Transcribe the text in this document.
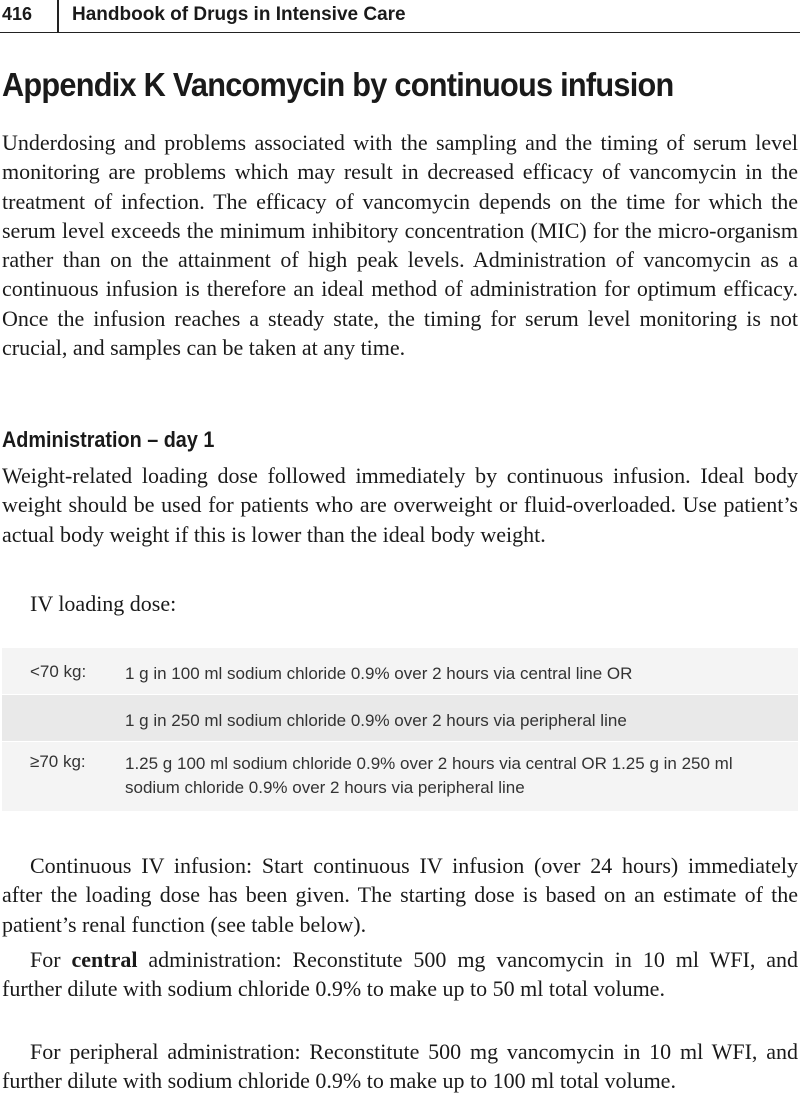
416 Handbook of Drugs in Intensive Care
Appendix K Vancomycin by continuous infusion

Underdosing and problems associated with the sampling and the timing of serum level monitoring are problems which may result in decreased efficacy of vancomycin in the treatment of infection. The efficacy of vancomycin depends on the time for which the serum level exceeds the minimum inhibitory concentration (MIC) for the micro-organism rather than on the attainment of high peak levels. Administration of vancomycin as a continuous infusion is therefore an ideal method of administration for optimum efficacy. Once the infusion reaches a steady state, the timing for serum level monitoring is not crucial, and samples can be taken at any time.

Administration – day 1

Weight-related loading dose followed immediately by continuous infusion. Ideal body weight should be used for patients who are overweight or fluid-overloaded. Use patient’s actual body weight if this is lower than the ideal body weight.

IV loading dose:
<70 kg: 1 g in 100 ml sodium chloride 0.9% over 2 hours via central line OR
1 g in 250 ml sodium chloride 0.9% over 2 hours via peripheral line
≥70 kg: 1.25 g 100 ml sodium chloride 0.9% over 2 hours via central OR 1.25 g in 250 ml sodium chloride 0.9% over 2 hours via peripheral line

Continuous IV infusion: Start continuous IV infusion (over 24 hours) immediately after the loading dose has been given. The starting dose is based on an estimate of the patient’s renal function (see table below).

For central administration: Reconstitute 500 mg vancomycin in 10 ml WFI, and further dilute with sodium chloride 0.9% to make up to 50 ml total volume.

For peripheral administration: Reconstitute 500 mg vancomycin in 10 ml WFI, and further dilute with sodium chloride 0.9% to make up to 100 ml total volume.
